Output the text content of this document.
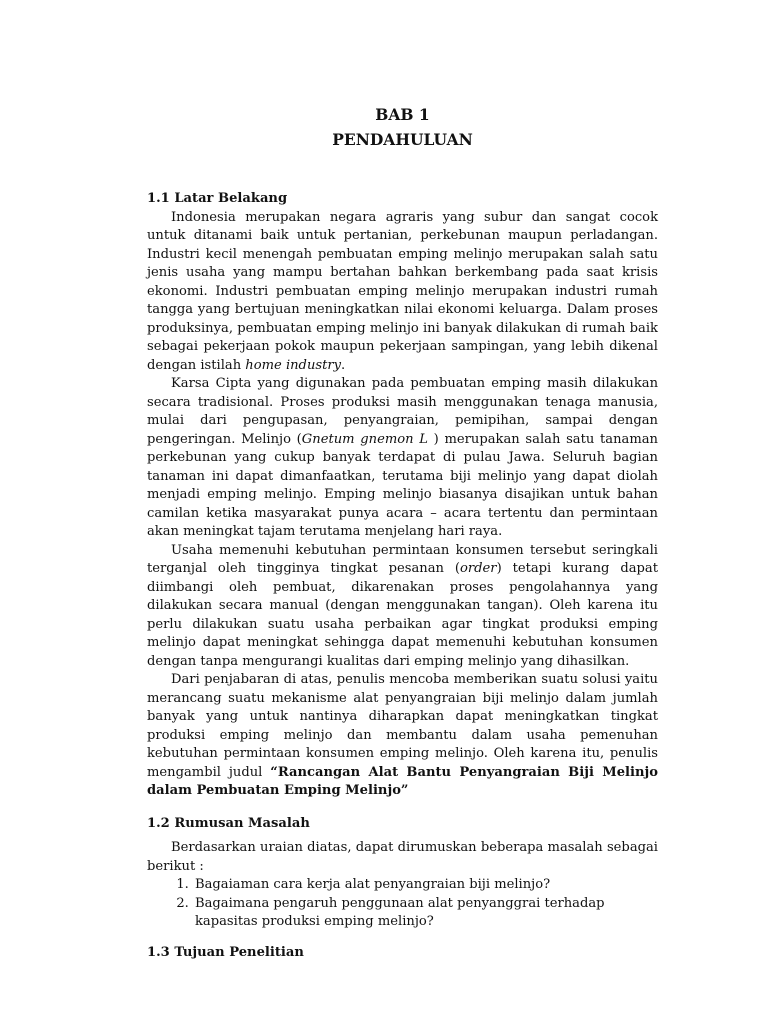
BAB 1
PENDAHULUAN
1.1 Latar Belakang

Indonesia merupakan negara agraris yang subur dan sangat cocok untuk ditanami baik untuk pertanian, perkebunan maupun perladangan. Industri kecil menengah pembuatan emping melinjo merupakan salah satu jenis usaha yang mampu bertahan bahkan berkembang pada saat krisis ekonomi. Industri pembuatan emping melinjo merupakan industri rumah tangga yang bertujuan meningkatkan nilai ekonomi keluarga. Dalam proses produksinya, pembuatan emping melinjo ini banyak dilakukan di rumah baik sebagai pekerjaan pokok maupun pekerjaan sampingan, yang lebih dikenal dengan istilah home industry.

Karsa Cipta yang digunakan pada pembuatan emping masih dilakukan secara tradisional. Proses produksi masih menggunakan tenaga manusia, mulai dari pengupasan, penyangraian, pemipihan, sampai dengan pengeringan. Melinjo (Gnetum gnemon L ) merupakan salah satu tanaman perkebunan yang cukup banyak terdapat di pulau Jawa. Seluruh bagian tanaman ini dapat dimanfaatkan, terutama biji melinjo yang dapat diolah menjadi emping melinjo. Emping melinjo biasanya disajikan untuk bahan camilan ketika masyarakat punya acara – acara tertentu dan permintaan akan meningkat tajam terutama menjelang hari raya.

Usaha memenuhi kebutuhan permintaan konsumen tersebut seringkali terganjal oleh tingginya tingkat pesanan (order) tetapi kurang dapat diimbangi oleh pembuat, dikarenakan proses pengolahannya yang dilakukan secara manual (dengan menggunakan tangan). Oleh karena itu perlu dilakukan suatu usaha perbaikan agar tingkat produksi emping melinjo dapat meningkat sehingga dapat memenuhi kebutuhan konsumen dengan tanpa mengurangi kualitas dari emping melinjo yang dihasilkan.

Dari penjabaran di atas, penulis mencoba memberikan suatu solusi yaitu merancang suatu mekanisme alat penyangraian biji melinjo dalam jumlah banyak yang untuk nantinya diharapkan dapat meningkatkan tingkat produksi emping melinjo dan membantu dalam usaha pemenuhan kebutuhan permintaan konsumen emping melinjo. Oleh karena itu, penulis mengambil judul “Rancangan Alat Bantu Penyangraian Biji Melinjo dalam Pembuatan Emping Melinjo”

1.2 Rumusan Masalah
Berdasarkan uraian diatas, dapat dirumuskan beberapa masalah sebagai berikut :
1. Bagaiaman cara kerja alat penyangraian biji melinjo?
2. Bagaimana pengaruh penggunaan alat penyanggrai terhadap kapasitas produksi emping melinjo?
1.3 Tujuan Penelitian
